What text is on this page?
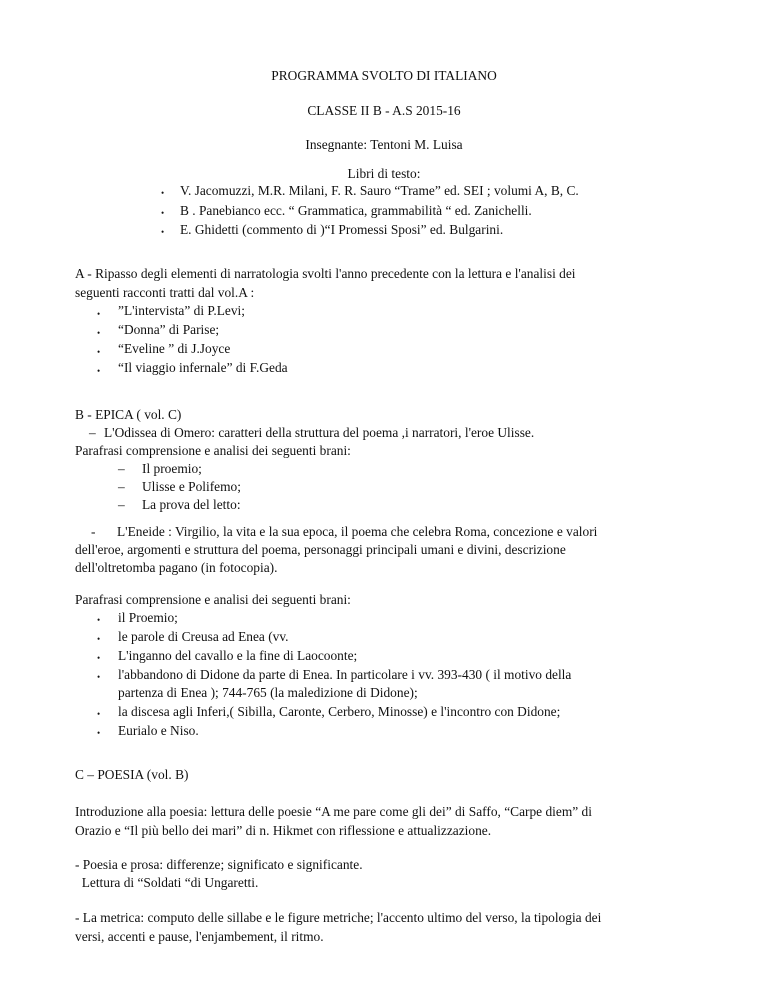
PROGRAMMA SVOLTO DI ITALIANO
CLASSE II B - A.S 2015-16
Insegnante: Tentoni M. Luisa
Libri di testo:
• V. Jacomuzzi, M.R. Milani, F. R. Sauro “Trame” ed. SEI ; volumi A, B, C.
• B . Panebianco ecc. “ Grammatica, grammabilità “ ed. Zanichelli.
• E. Ghidetti (commento di )“I Promessi Sposi” ed. Bulgarini.
A - Ripasso degli elementi di narratologia svolti l'anno precedente con la lettura e l'analisi dei
seguenti racconti tratti dal vol.A :
• ”L'intervista” di P.Levi;
• “Donna” di Parise;
• “Eveline ” di J.Joyce
• “Il viaggio infernale” di F.Geda
B - EPICA ( vol. C)
– L'Odissea di Omero: caratteri della struttura del poema ,i narratori, l'eroe Ulisse.
Parafrasi comprensione e analisi dei seguenti brani:
– Il proemio;
– Ulisse e Polifemo;
– La prova del letto:
- L'Eneide : Virgilio, la vita e la sua epoca, il poema che celebra Roma, concezione e valori
dell'eroe, argomenti e struttura del poema, personaggi principali umani e divini, descrizione
dell'oltretomba pagano (in fotocopia).
Parafrasi comprensione e analisi dei seguenti brani:
• il Proemio;
• le parole di Creusa ad Enea (vv.
• L'inganno del cavallo e la fine di Laocoonte;
• l'abbandono di Didone da parte di Enea. In particolare i vv. 393-430 ( il motivo della
partenza di Enea ); 744-765 (la maledizione di Didone);
• la discesa agli Inferi,( Sibilla, Caronte, Cerbero, Minosse) e l'incontro con Didone;
• Eurialo e Niso.
C – POESIA (vol. B)
Introduzione alla poesia: lettura delle poesie “A me pare come gli dei” di Saffo, “Carpe diem” di
Orazio e “Il più bello dei mari” di n. Hikmet con riflessione e attualizzazione.
- Poesia e prosa: differenze; significato e significante.
Lettura di “Soldati “di Ungaretti.
- La metrica: computo delle sillabe e le figure metriche; l'accento ultimo del verso, la tipologia dei
versi, accenti e pause, l'enjambement, il ritmo.
